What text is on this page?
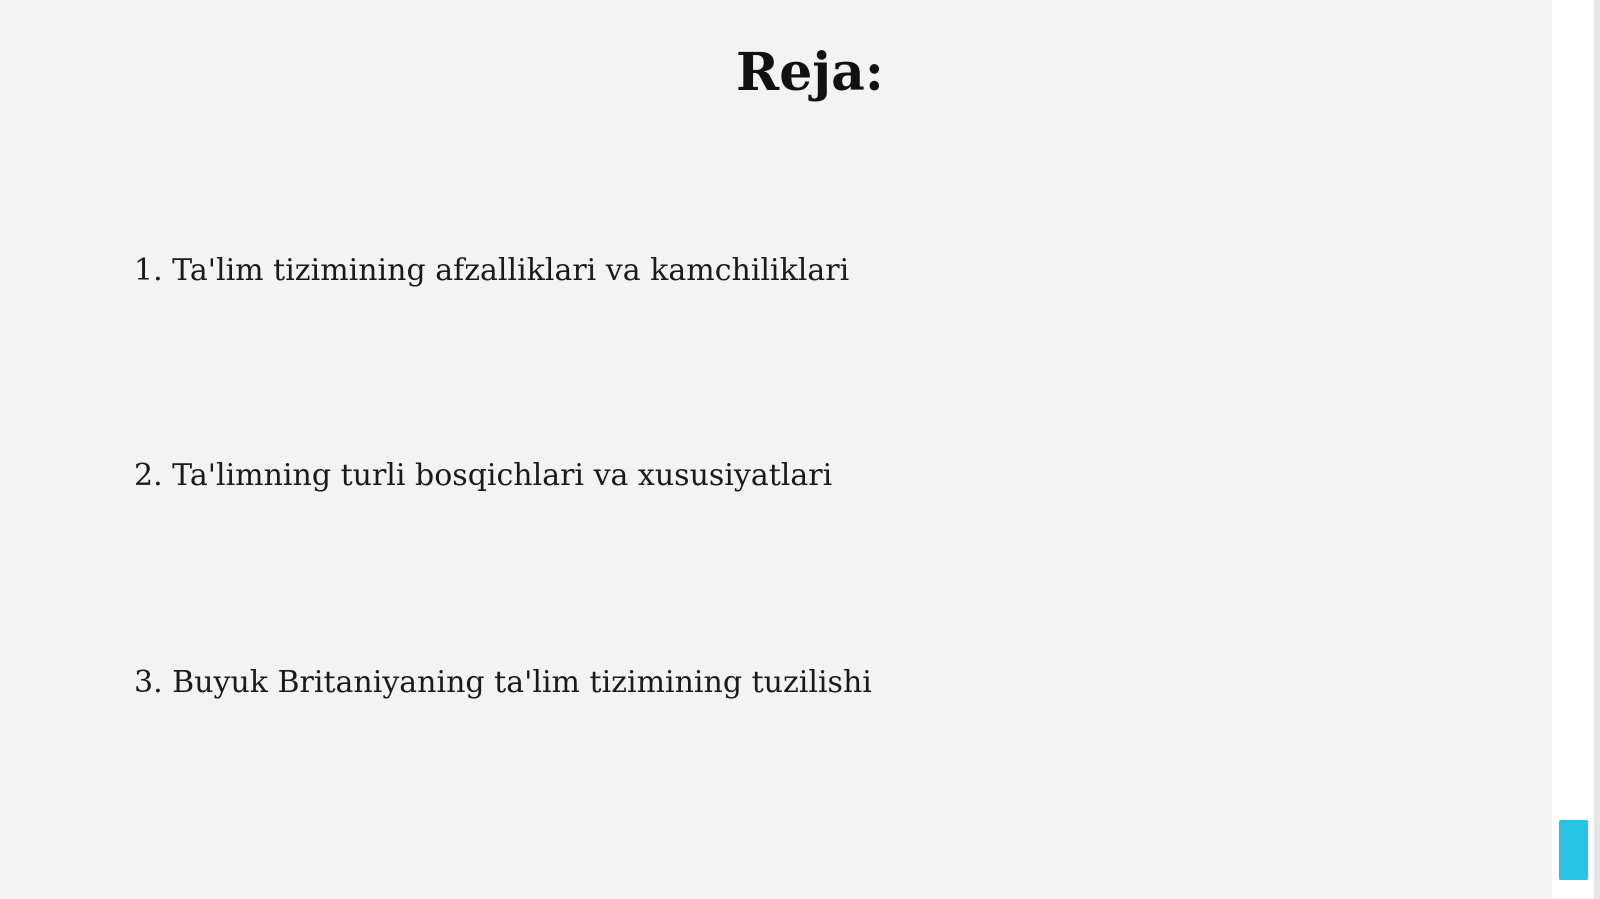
Reja:

1. Ta'lim tizimining afzalliklari va kamchiliklari

2. Ta'limning turli bosqichlari va xususiyatlari

3. Buyuk Britaniyaning ta'lim tizimining tuzilishi
